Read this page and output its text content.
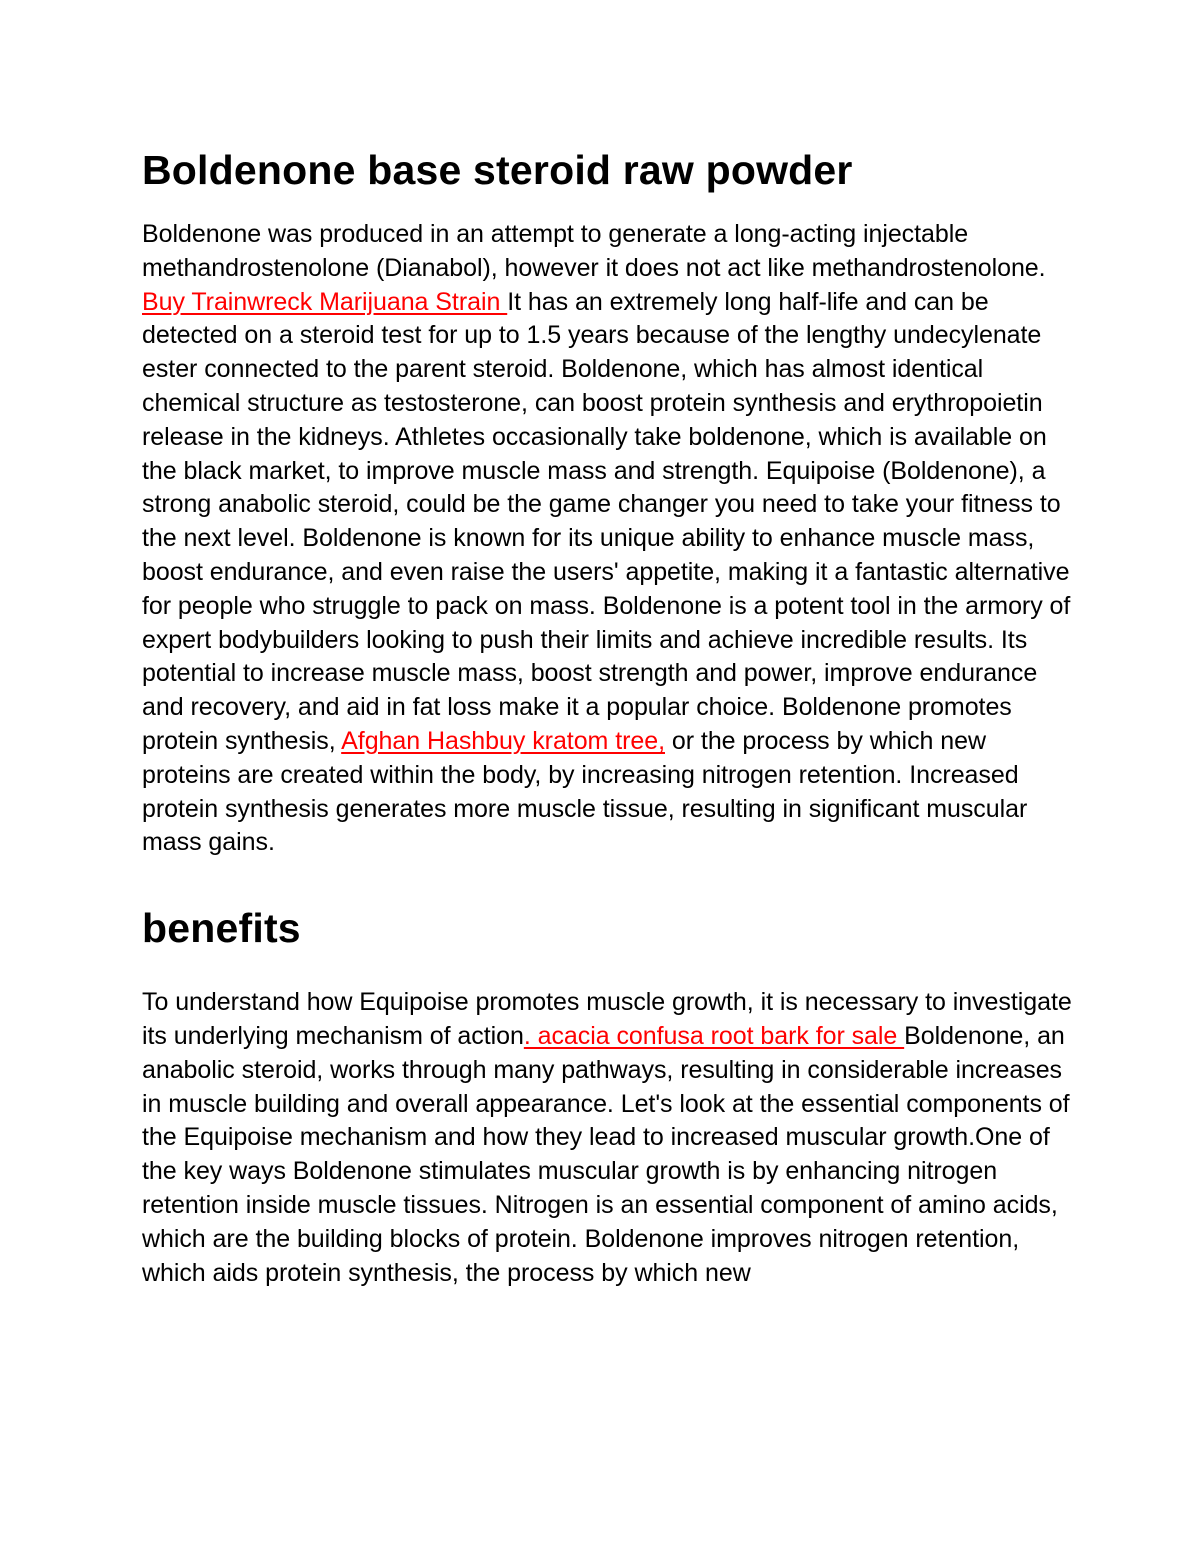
Boldenone base steroid raw powder

Boldenone was produced in an attempt to generate a long-acting injectable methandrostenolone (Dianabol), however it does not act like methandrostenolone. Buy Trainwreck Marijuana Strain It has an extremely long half-life and can be detected on a steroid test for up to 1.5 years because of the lengthy undecylenate ester connected to the parent steroid. Boldenone, which has almost identical chemical structure as testosterone, can boost protein synthesis and erythropoietin release in the kidneys. Athletes occasionally take boldenone, which is available on the black market, to improve muscle mass and strength. Equipoise (Boldenone), a strong anabolic steroid, could be the game changer you need to take your fitness to the next level. Boldenone is known for its unique ability to enhance muscle mass, boost endurance, and even raise the users' appetite, making it a fantastic alternative for people who struggle to pack on mass. Boldenone is a potent tool in the armory of expert bodybuilders looking to push their limits and achieve incredible results. Its potential to increase muscle mass, boost strength and power, improve endurance and recovery, and aid in fat loss make it a popular choice. Boldenone promotes protein synthesis, Afghan Hashbuy kratom tree, or the process by which new proteins are created within the body, by increasing nitrogen retention. Increased protein synthesis generates more muscle tissue, resulting in significant muscular mass gains.

benefits

To understand how Equipoise promotes muscle growth, it is necessary to investigate its underlying mechanism of action. acacia confusa root bark for sale Boldenone, an anabolic steroid, works through many pathways, resulting in considerable increases in muscle building and overall appearance. Let's look at the essential components of the Equipoise mechanism and how they lead to increased muscular growth.One of the key ways Boldenone stimulates muscular growth is by enhancing nitrogen retention inside muscle tissues. Nitrogen is an essential component of amino acids, which are the building blocks of protein. Boldenone improves nitrogen retention, which aids protein synthesis, the process by which new
